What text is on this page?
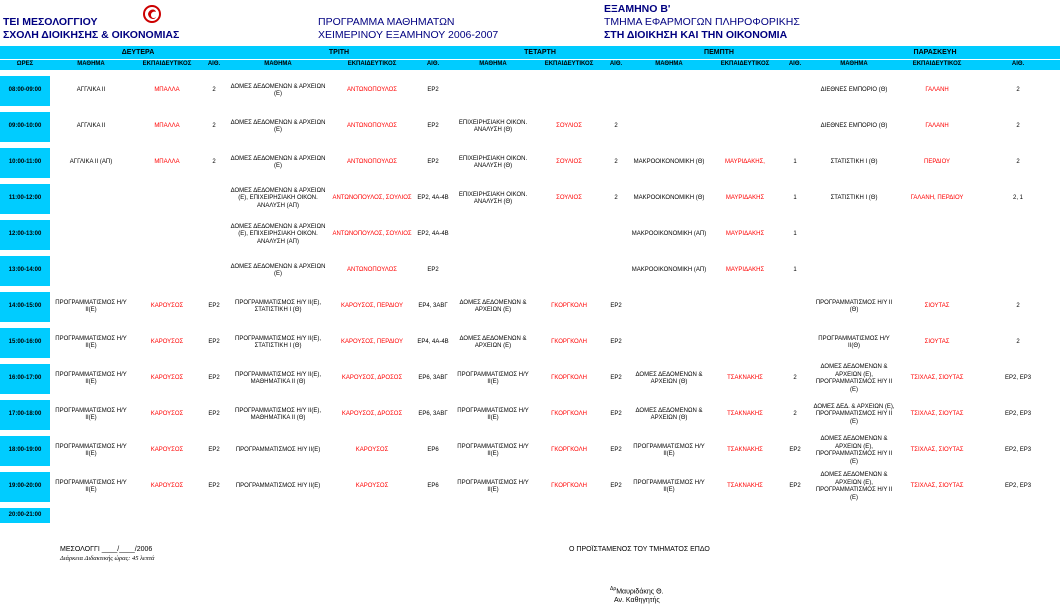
ΤΕΙ ΜΕΣΟΛΟΓΓΙΟΥ
ΣΧΟΛΗ ΔΙΟΙΚΗΣΗΣ & ΟΙΚΟΝΟΜΙΑΣ
ΠΡΟΓΡΑΜΜΑ ΜΑΘΗΜΑΤΩΝ
ΧΕΙΜΕΡΙΝΟΥ ΕΞΑΜΗΝΟΥ 2006-2007
ΕΞΑΜΗΝΟ Β'
ΤΜΗΜΑ ΕΦΑΡΜΟΓΩΝ ΠΛΗΡΟΦΟΡΙΚΗΣ
ΣΤΗ ΔΙΟΙΚΗΣΗ ΚΑΙ ΤΗΝ ΟΙΚΟΝΟΜΙΑ
	ΔΕΥΤΕΡΑ			ΤΡΙΤΗ			ΤΕΤΑΡΤΗ			ΠΕΜΠΤΗ			ΠΑΡΑΣΚΕΥΗ		
ΩΡΕΣ	ΜΑΘΗΜΑ	ΕΚΠΑΙΔΕΥΤΙΚΟΣ	ΑΙΘ.	ΜΑΘΗΜΑ	ΕΚΠΑΙΔΕΥΤΙΚΟΣ	ΑΙΘ.	ΜΑΘΗΜΑ	ΕΚΠΑΙΔΕΥΤΙΚΟΣ	ΑΙΘ.	ΜΑΘΗΜΑ	ΕΚΠΑΙΔΕΥΤΙΚΟΣ	ΑΙΘ.	ΜΑΘΗΜΑ	ΕΚΠΑΙΔΕΥΤΙΚΟΣ	ΑΙΘ.

08:00-09:00	ΑΓΓΛΙΚΑ ΙΙ	ΜΠΑΛΛΑ	2	ΔΟΜΕΣ ΔΕΔΟΜΕΝΩΝ & ΑΡΧΕΙΩΝ (Ε)	ΑΝΤΩΝΟΠΟΥΛΟΣ	ΕΡ2							ΔΙΕΘΝΕΣ ΕΜΠΟΡΙΟ (Θ)	ΓΑΛΑΝΗ	2

09:00-10:00	ΑΓΓΛΙΚΑ ΙΙ	ΜΠΑΛΛΑ	2	ΔΟΜΕΣ ΔΕΔΟΜΕΝΩΝ & ΑΡΧΕΙΩΝ (Ε)	ΑΝΤΩΝΟΠΟΥΛΟΣ	ΕΡ2	ΕΠΙΧΕΙΡΗΣΙΑΚΗ ΟΙΚΟΝ. ΑΝΑΛΥΣΗ (Θ)	ΣΟΥΛΙΟΣ	2				ΔΙΕΘΝΕΣ ΕΜΠΟΡΙΟ (Θ)	ΓΑΛΑΝΗ	2

10:00-11:00	ΑΓΓΛΙΚΑ ΙΙ (ΑΠ)	ΜΠΑΛΛΑ	2	ΔΟΜΕΣ ΔΕΔΟΜΕΝΩΝ & ΑΡΧΕΙΩΝ (Ε)	ΑΝΤΩΝΟΠΟΥΛΟΣ	ΕΡ2	ΕΠΙΧΕΙΡΗΣΙΑΚΗ ΟΙΚΟΝ. ΑΝΑΛΥΣΗ (Θ)	ΣΟΥΛΙΟΣ	2	ΜΑΚΡΟΟΙΚΟΝΟΜΙΚΗ (Θ)	ΜΑΥΡΙΔΑΚΗΣ,	1	ΣΤΑΤΙΣΤΙΚΗ Ι (Θ)	ΠΕΡΔΙΟΥ	2

11:00-12:00				ΔΟΜΕΣ ΔΕΔΟΜΕΝΩΝ & ΑΡΧΕΙΩΝ (Ε), ΕΠΙΧΕΙΡΗΣΙΑΚΗ ΟΙΚΟΝ. ΑΝΑΛΥΣΗ (ΑΠ)	ΑΝΤΩΝΟΠΟΥΛΟΣ, ΣΟΥΛΙΟΣ	ΕΡ2, 4Α-4Β	ΕΠΙΧΕΙΡΗΣΙΑΚΗ ΟΙΚΟΝ. ΑΝΑΛΥΣΗ (Θ)	ΣΟΥΛΙΟΣ	2	ΜΑΚΡΟΟΙΚΟΝΟΜΙΚΗ (Θ)	ΜΑΥΡΙΔΑΚΗΣ	1	ΣΤΑΤΙΣΤΙΚΗ Ι (Θ)	ΓΑΛΑΝΗ, ΠΕΡΔΙΟΥ	2, 1

12:00-13:00				ΔΟΜΕΣ ΔΕΔΟΜΕΝΩΝ & ΑΡΧΕΙΩΝ (Ε), ΕΠΙΧΕΙΡΗΣΙΑΚΗ ΟΙΚΟΝ. ΑΝΑΛΥΣΗ (ΑΠ)	ΑΝΤΩΝΟΠΟΥΛΟΣ, ΣΟΥΛΙΟΣ	ΕΡ2, 4Α-4Β				ΜΑΚΡΟΟΙΚΟΝΟΜΙΚΗ (ΑΠ)	ΜΑΥΡΙΔΑΚΗΣ	1			

13:00-14:00				ΔΟΜΕΣ ΔΕΔΟΜΕΝΩΝ & ΑΡΧΕΙΩΝ (Ε)	ΑΝΤΩΝΟΠΟΥΛΟΣ	ΕΡ2				ΜΑΚΡΟΟΙΚΟΝΟΜΙΚΗ (ΑΠ)	ΜΑΥΡΙΔΑΚΗΣ	1			

14:00-15:00	ΠΡΟΓΡΑΜΜΑΤΙΣΜΟΣ Η/Υ ΙΙ(Ε)	ΚΑΡΟΥΣΟΣ	ΕΡ2	ΠΡΟΓΡΑΜΜΑΤΙΣΜΟΣ Η/Υ ΙΙ(Ε), ΣΤΑΤΙΣΤΙΚΗ Ι (Θ)	ΚΑΡΟΥΣΟΣ, ΠΕΡΔΙΟΥ	ΕΡ4, 3ΑΒΓ	ΔΟΜΕΣ ΔΕΔΟΜΕΝΩΝ & ΑΡΧΕΙΩΝ (Ε)	ΓΚΟΡΓΚΟΛΗ	ΕΡ2				ΠΡΟΓΡΑΜΜΑΤΙΣΜΟΣ Η/Υ ΙΙ (Θ)	ΣΙΟΥΤΑΣ	2

15:00-16:00	ΠΡΟΓΡΑΜΜΑΤΙΣΜΟΣ Η/Υ ΙΙ(Ε)	ΚΑΡΟΥΣΟΣ	ΕΡ2	ΠΡΟΓΡΑΜΜΑΤΙΣΜΟΣ Η/Υ ΙΙ(Ε), ΣΤΑΤΙΣΤΙΚΗ Ι (Θ)	ΚΑΡΟΥΣΟΣ, ΠΕΡΔΙΟΥ	ΕΡ4, 4Α-4Β	ΔΟΜΕΣ ΔΕΔΟΜΕΝΩΝ & ΑΡΧΕΙΩΝ (Ε)	ΓΚΟΡΓΚΟΛΗ	ΕΡ2				ΠΡΟΓΡΑΜΜΑΤΙΣΜΟΣ Η/Υ ΙΙ(Θ)	ΣΙΟΥΤΑΣ	2

16:00-17:00	ΠΡΟΓΡΑΜΜΑΤΙΣΜΟΣ Η/Υ ΙΙ(Ε)	ΚΑΡΟΥΣΟΣ	ΕΡ2	ΠΡΟΓΡΑΜΜΑΤΙΣΜΟΣ Η/Υ ΙΙ(Ε), ΜΑΘΗΜΑΤΙΚΑ ΙΙ (Θ)	ΚΑΡΟΥΣΟΣ, ΔΡΟΣΟΣ	ΕΡ6, 3ΑΒΓ	ΠΡΟΓΡΑΜΜΑΤΙΣΜΟΣ Η/Υ ΙΙ(Ε)	ΓΚΟΡΓΚΟΛΗ	ΕΡ2	ΔΟΜΕΣ ΔΕΔΟΜΕΝΩΝ & ΑΡΧΕΙΩΝ (Θ)	ΤΣΑΚΝΑΚΗΣ	2	ΔΟΜΕΣ ΔΕΔΟΜΕΝΩΝ & ΑΡΧΕΙΩΝ (Ε), ΠΡΟΓΡΑΜΜΑΤΙΣΜΟΣ Η/Υ ΙΙ (Ε)	ΤΣΙΧΛΑΣ, ΣΙΟΥΤΑΣ	ΕΡ2, ΕΡ3

17:00-18:00	ΠΡΟΓΡΑΜΜΑΤΙΣΜΟΣ Η/Υ ΙΙ(Ε)	ΚΑΡΟΥΣΟΣ	ΕΡ2	ΠΡΟΓΡΑΜΜΑΤΙΣΜΟΣ Η/Υ ΙΙ(Ε), ΜΑΘΗΜΑΤΙΚΑ ΙΙ (Θ)	ΚΑΡΟΥΣΟΣ, ΔΡΟΣΟΣ	ΕΡ6, 3ΑΒΓ	ΠΡΟΓΡΑΜΜΑΤΙΣΜΟΣ Η/Υ ΙΙ(Ε)	ΓΚΟΡΓΚΟΛΗ	ΕΡ2	ΔΟΜΕΣ ΔΕΔΟΜΕΝΩΝ & ΑΡΧΕΙΩΝ (Θ)	ΤΣΑΚΝΑΚΗΣ	2	ΔΟΜΕΣ ΔΕΔ. & ΑΡΧΕΙΩΝ (Ε), ΠΡΟΓΡΑΜΜΑΤΙΣΜΟΣ Η/Υ ΙΙ (Ε)	ΤΣΙΧΛΑΣ, ΣΙΟΥΤΑΣ	ΕΡ2, ΕΡ3

18:00-19:00	ΠΡΟΓΡΑΜΜΑΤΙΣΜΟΣ Η/Υ ΙΙ(Ε)	ΚΑΡΟΥΣΟΣ	ΕΡ2	ΠΡΟΓΡΑΜΜΑΤΙΣΜΟΣ Η/Υ ΙΙ(Ε)	ΚΑΡΟΥΣΟΣ	ΕΡ6	ΠΡΟΓΡΑΜΜΑΤΙΣΜΟΣ Η/Υ ΙΙ(Ε)	ΓΚΟΡΓΚΟΛΗ	ΕΡ2	ΠΡΟΓΡΑΜΜΑΤΙΣΜΟΣ Η/Υ ΙΙ(Ε)	ΤΣΑΚΝΑΚΗΣ	ΕΡ2	ΔΟΜΕΣ ΔΕΔΟΜΕΝΩΝ & ΑΡΧΕΙΩΝ (Ε), ΠΡΟΓΡΑΜΜΑΤΙΣΜΟΣ Η/Υ ΙΙ (Ε)	ΤΣΙΧΛΑΣ, ΣΙΟΥΤΑΣ	ΕΡ2, ΕΡ3

19:00-20:00	ΠΡΟΓΡΑΜΜΑΤΙΣΜΟΣ Η/Υ ΙΙ(Ε)	ΚΑΡΟΥΣΟΣ	ΕΡ2	ΠΡΟΓΡΑΜΜΑΤΙΣΜΟΣ Η/Υ ΙΙ(Ε)	ΚΑΡΟΥΣΟΣ	ΕΡ6	ΠΡΟΓΡΑΜΜΑΤΙΣΜΟΣ Η/Υ ΙΙ(Ε)	ΓΚΟΡΓΚΟΛΗ	ΕΡ2	ΠΡΟΓΡΑΜΜΑΤΙΣΜΟΣ Η/Υ ΙΙ(Ε)	ΤΣΑΚΝΑΚΗΣ	ΕΡ2	ΔΟΜΕΣ ΔΕΔΟΜΕΝΩΝ & ΑΡΧΕΙΩΝ (Ε), ΠΡΟΓΡΑΜΜΑΤΙΣΜΟΣ Η/Υ ΙΙ (Ε)	ΤΣΙΧΛΑΣ, ΣΙΟΥΤΑΣ	ΕΡ2, ΕΡ3

20:00-21:00															
ΜΕΣΟΛΟΓΓΙ ____/____/2006
Διάρκεια Διδακτικής ώρας: 45 λεπτά
Ο ΠΡΟΪΣΤΑΜΕΝΟΣ ΤΟΥ ΤΜΗΜΑΤΟΣ ΕΠΔΟ
$^{\Delta\rho}$Μαυριδάκης Θ.
Αν. Καθηγητής
